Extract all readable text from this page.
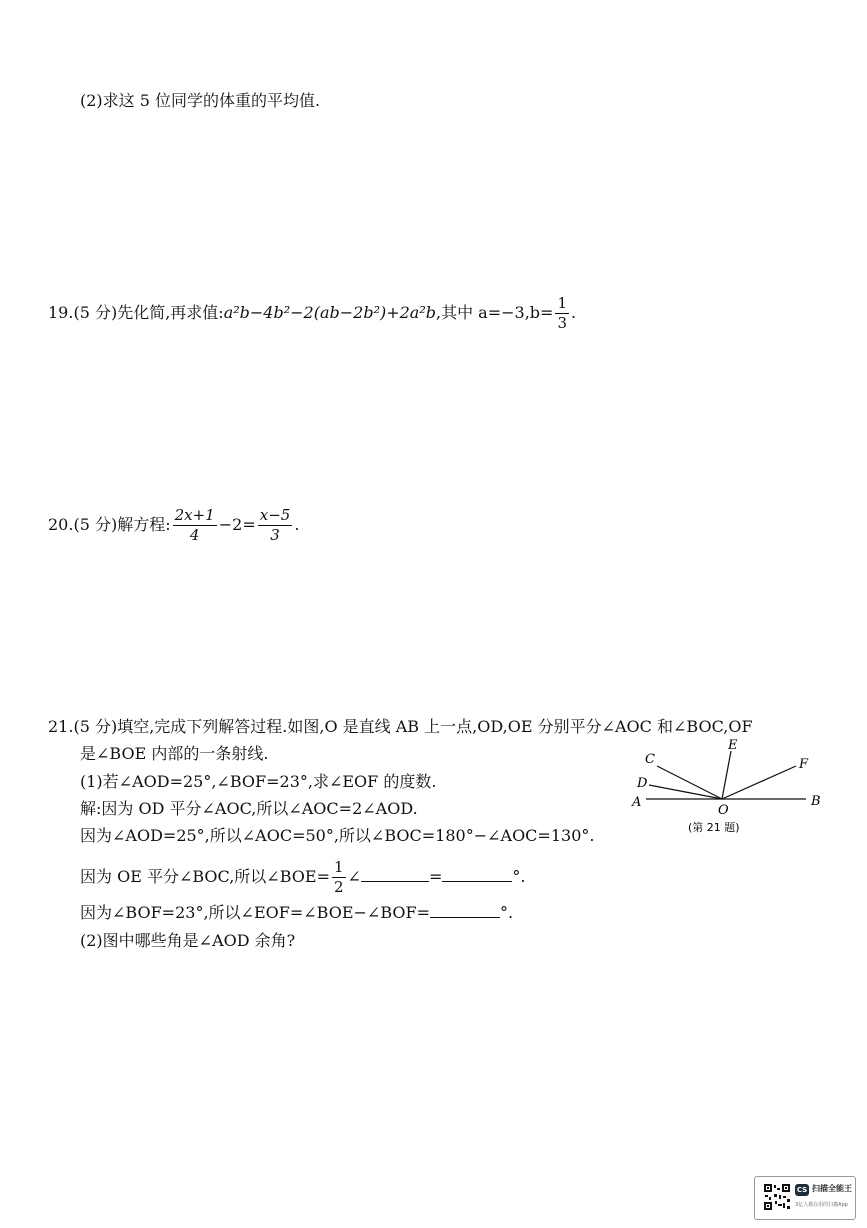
(2)求这 5 位同学的体重的平均值.
19.(5 分)先化简,再求值:a²b−4b²−2(ab−2b²)+2a²b,其中 $a=-3,b= \frac{1}{3}$ .
20.(5 分)解方程: $\frac{2x+1}{4} -2= \frac{x-5}{3}$ .
21.(5 分)填空,完成下列解答过程.如图,O 是直线 AB 上一点,OD,OE 分别平分∠AOC 和∠BOC,OF
是∠BOE 内部的一条射线.
(1)若∠AOD=25°,∠BOF=23°,求∠EOF 的度数.
解:因为 OD 平分∠AOC,所以∠AOC=2∠AOD.
因为∠AOD=25°,所以∠AOC=50°,所以∠BOC=180°−∠AOC=130°.
因为 OE 平分∠BOC,所以∠BOE= $\frac{1}{2}$ ∠	=	°.
因为∠BOF=23°,所以∠EOF=∠BOE−∠BOF=	°.
(2)图中哪些角是∠AOD 余角?
A
O
B
C
D
E
F
(第 21 题)
CS 扫描全能王
3亿人都在用的扫描App
